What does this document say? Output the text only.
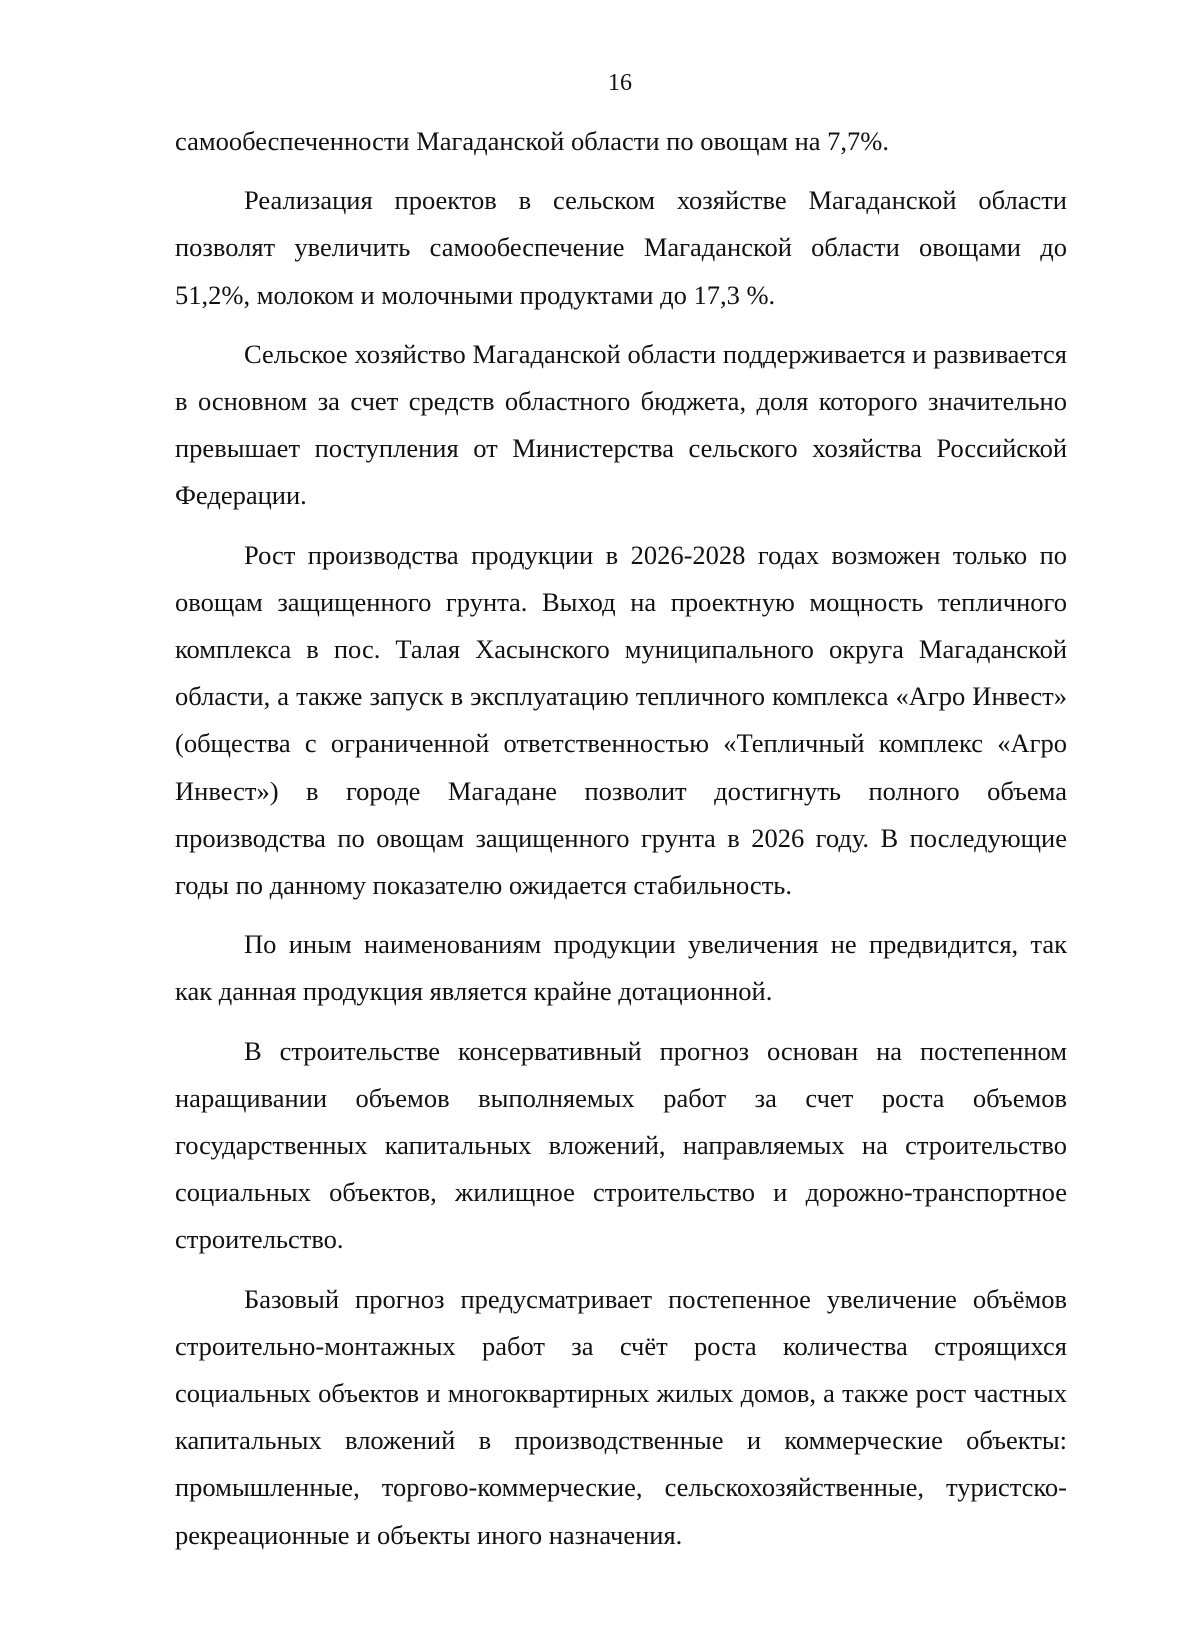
16

самообеспеченности Магаданской области по овощам на 7,7%.

Реализация проектов в сельском хозяйстве Магаданской области позволят увеличить самообеспечение Магаданской области овощами до 51,2%, молоком и молочными продуктами до 17,3 %.

Сельское хозяйство Магаданской области поддерживается и развивается в основном за счет средств областного бюджета, доля которого значительно превышает поступления от Министерства сельского хозяйства Российской Федерации.

Рост производства продукции в 2026-2028 годах возможен только по овощам защищенного грунта. Выход на проектную мощность тепличного комплекса в пос. Талая Хасынского муниципального округа Магаданской области, а также запуск в эксплуатацию тепличного комплекса «Агро Инвест» (общества с ограниченной ответственностью «Тепличный комплекс «Агро Инвест») в городе Магадане позволит достигнуть полного объема производства по овощам защищенного грунта в 2026 году. В последующие годы по данному показателю ожидается стабильность.

По иным наименованиям продукции увеличения не предвидится, так как данная продукция является крайне дотационной.

В строительстве консервативный прогноз основан на постепенном наращивании объемов выполняемых работ за счет роста объемов государственных капитальных вложений, направляемых на строительство социальных объектов, жилищное строительство и дорожно-транспортное строительство.

Базовый прогноз предусматривает постепенное увеличение объёмов строительно-монтажных работ за счёт роста количества строящихся социальных объектов и многоквартирных жилых домов, а также рост частных капитальных вложений в производственные и коммерческие объекты: промышленные, торгово-коммерческие, сельскохозяйственные, туристско-рекреационные и объекты иного назначения.
